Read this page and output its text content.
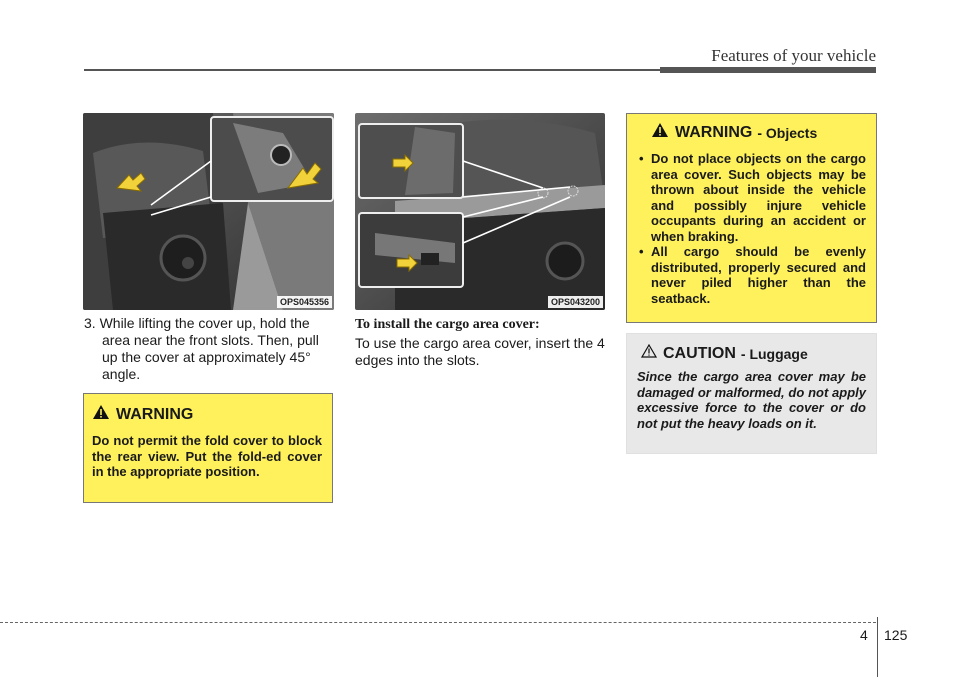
Features of your vehicle
OPS045356	OPS043200
3. While lifting the cover up, hold the
area near the front slots. Then, pull
up the cover at approximately 45°
angle.
To install the cargo area cover:
To use the cargo area cover, insert the 4 edges into the slots.
WARNING - Objects
• Do not place objects on the cargo area cover. Such objects may be thrown about inside the vehicle and possibly injure vehicle occupants during an accident or when braking.
• All cargo should be evenly distributed, properly secured and never piled higher than the seatback.
CAUTION - Luggage

Since the cargo area cover may be damaged or malformed, do not apply excessive force to the cover or do not put the heavy loads on it.

WARNING

Do not permit the fold cover to block the rear view. Put the fold-ed cover in the appropriate position.

4 125
